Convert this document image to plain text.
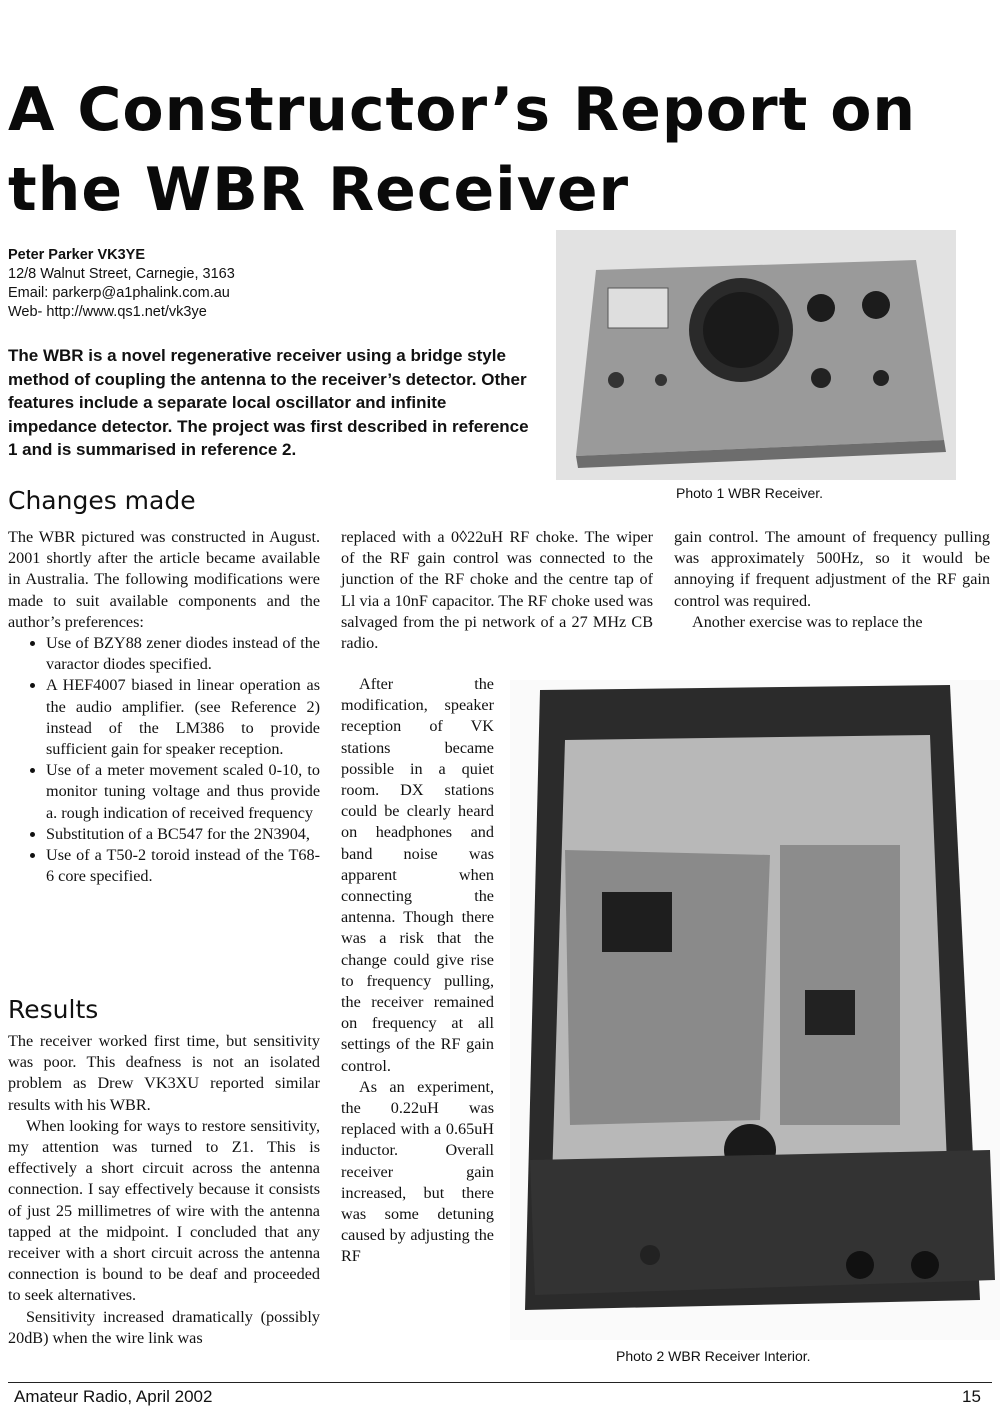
A Constructor’s Report on the WBR Receiver
Peter Parker VK3YE
12/8 Walnut Street, Carnegie, 3163
Email: parkerp@a1phalink.com.au
Web- http://www.qs1.net/vk3ye
The WBR is a novel regenerative receiver using a bridge style method of coupling the antenna to the receiver’s detector. Other features include a separate local oscillator and infinite impedance detector. The project was first described in reference 1 and is summarised in reference 2.
Photo 1 WBR Receiver.
Photo 2 WBR Receiver Interior.
Changes made

The WBR pictured was constructed in August. 2001 shortly after the article became available in Australia. The following modifications were made to suit available components and the author’s preferences:

• Use of BZY88 zener diodes instead of the varactor diodes specified.
• A HEF4007 biased in linear operation as the audio amplifier. (see Reference 2) instead of the LM386 to provide sufficient gain for speaker reception.
• Use of a meter movement scaled 0-10, to monitor tuning voltage and thus provide a. rough indication of received frequency
• Substitution of a BC547 for the 2N3904,
• Use of a T50-2 toroid instead of the T68-6 core specified.
Results

The receiver worked first time, but sensitivity was poor. This deafness is not an isolated problem as Drew VK3XU reported similar results with his WBR.

When looking for ways to restore sensitivity, my attention was turned to Z1. This is effectively a short circuit across the antenna connection. I say effectively because it consists of just 25 millimetres of wire with the antenna tapped at the midpoint. I concluded that any receiver with a short circuit across the antenna connection is bound to be deaf and proceeded to seek alternatives.

Sensitivity increased dramatically (possibly 20dB) when the wire link was

replaced with a 0◊22uH RF choke. The wiper of the RF gain control was connected to the junction of the RF choke and the centre tap of Ll via a 10nF capacitor. The RF choke used was salvaged from the pi network of a 27 MHz CB radio.

After the modification, speaker reception of VK stations became possible in a quiet room. DX stations could be clearly heard on headphones and band noise was apparent when connecting the antenna. Though there was a risk that the change could give rise to frequency pulling, the receiver remained on frequency at all settings of the RF gain control.

As an experiment, the 0.22uH was replaced with a 0.65uH inductor. Overall receiver gain increased, but there was some detuning caused by adjusting the RF

gain control. The amount of frequency pulling was approximately 500Hz, so it would be annoying if frequent adjustment of the RF gain control was required.

Another exercise was to replace the

Amateur Radio, April 2002	15
